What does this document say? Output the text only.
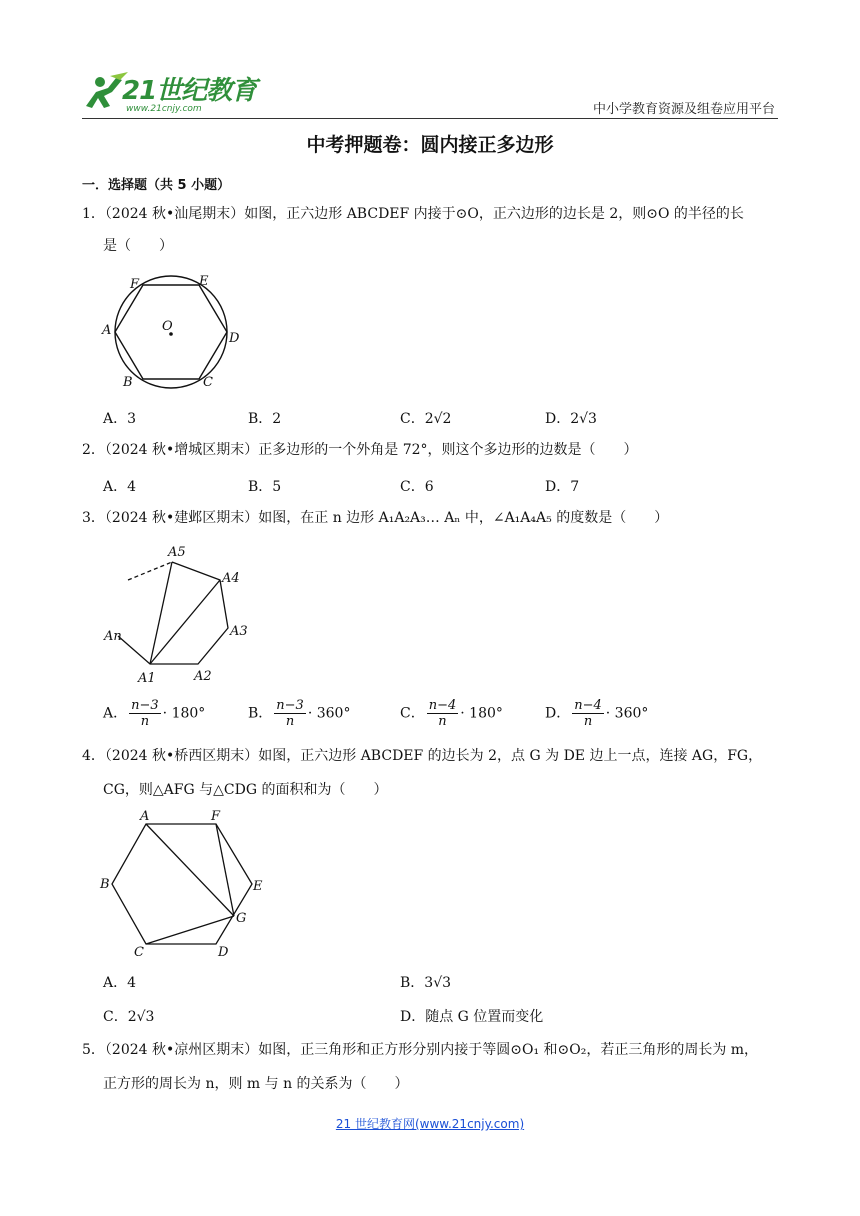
21世纪教育
www.21cnjy.com	中小学教育资源及组卷应用平台
中考押题卷：圆内接正多边形
一．选择题（共 5 小题）
1．（2024 秋•汕尾期末）如图，正六边形 ABCDEF 内接于⊙O，正六边形的边长是 2，则⊙O 的半径的长
是（　　）
F	E
A	O
D
B	C
A．3	B．2	C．2√2	D．2√3
2．（2024 秋•增城区期末）正多边形的一个外角是 72°，则这个多边形的边数是（　　）
A．4	B．5	C．6	D．7
3．（2024 秋•建邺区期末）如图，在正 n 边形 A₁A₂A₃… Aₙ 中，∠A₁A₄A₅ 的度数是（　　）
A5
A4
A3
An
A1	A2
A． $\frac{n-3}{n} \cdot 180^\circ$	B． $\frac{n-3}{n} \cdot 360^\circ$	C． $\frac{n-4}{n} \cdot 180^\circ$	D． $\frac{n-4}{n} \cdot 360^\circ$
4．（2024 秋•桥西区期末）如图，正六边形 ABCDEF 的边长为 2，点 G 为 DE 边上一点，连接 AG，FG，
CG，则△AFG 与△CDG 的面积和为（　　）
A	F
B	E
G
C	D
A．4	B．3√3
C．2√3	D．随点 G 位置而变化
5．（2024 秋•凉州区期末）如图，正三角形和正方形分别内接于等圆⊙O₁ 和⊙O₂，若正三角形的周长为 m，
正方形的周长为 n，则 m 与 n 的关系为（　　）
21 世纪教育网(www.21cnjy.com)
